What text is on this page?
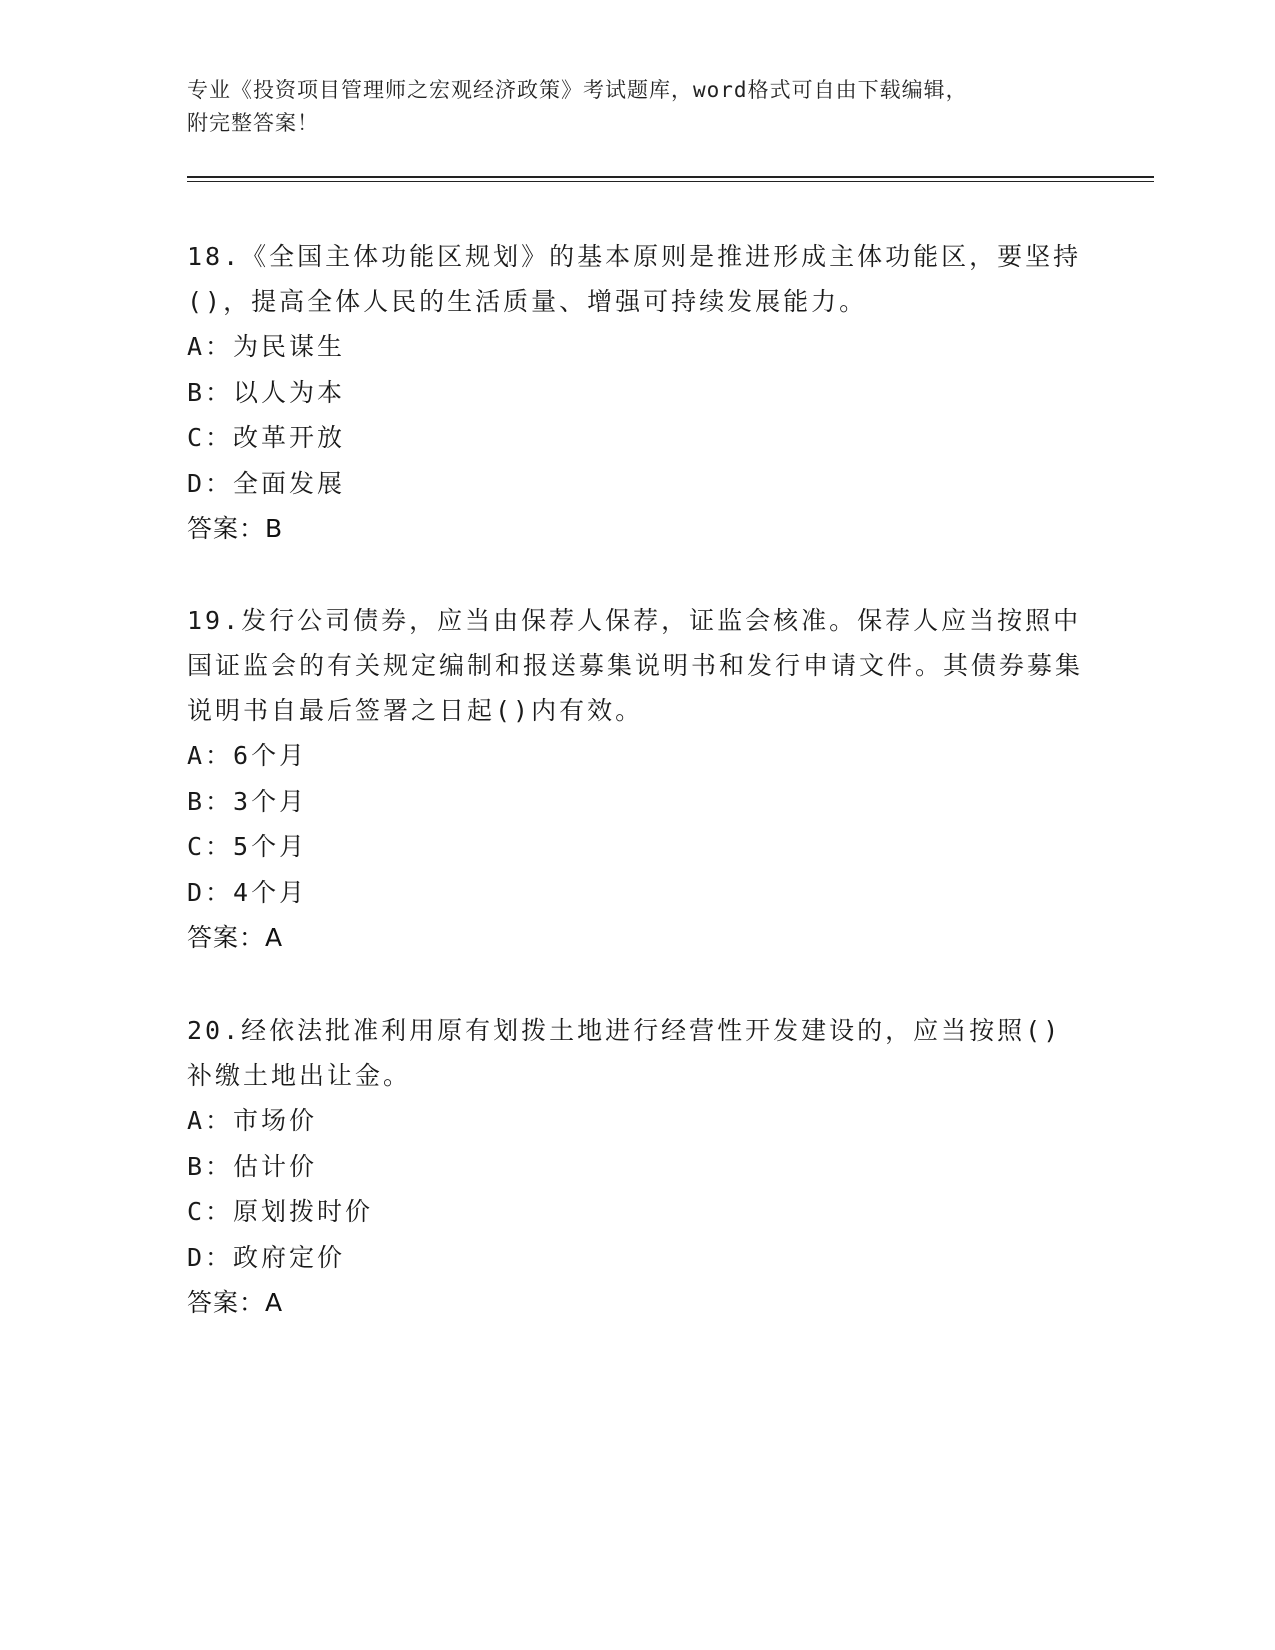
专业《投资项目管理师之宏观经济政策》考试题库，word格式可自由下载编辑，
附完整答案！

18.《全国主体功能区规划》的基本原则是推进形成主体功能区，要坚持()，提高全体人民的生活质量、增强可持续发展能力。

A：为民谋生

B：以人为本

C：改革开放

D：全面发展

答案：B

19.发行公司债券，应当由保荐人保荐，证监会核准。保荐人应当按照中国证监会的有关规定编制和报送募集说明书和发行申请文件。其债券募集说明书自最后签署之日起()内有效。

A：6个月

B：3个月

C：5个月

D：4个月

答案：A

20.经依法批准利用原有划拨土地进行经营性开发建设的，应当按照()补缴土地出让金。

A：市场价

B：估计价

C：原划拨时价

D：政府定价

答案：A
